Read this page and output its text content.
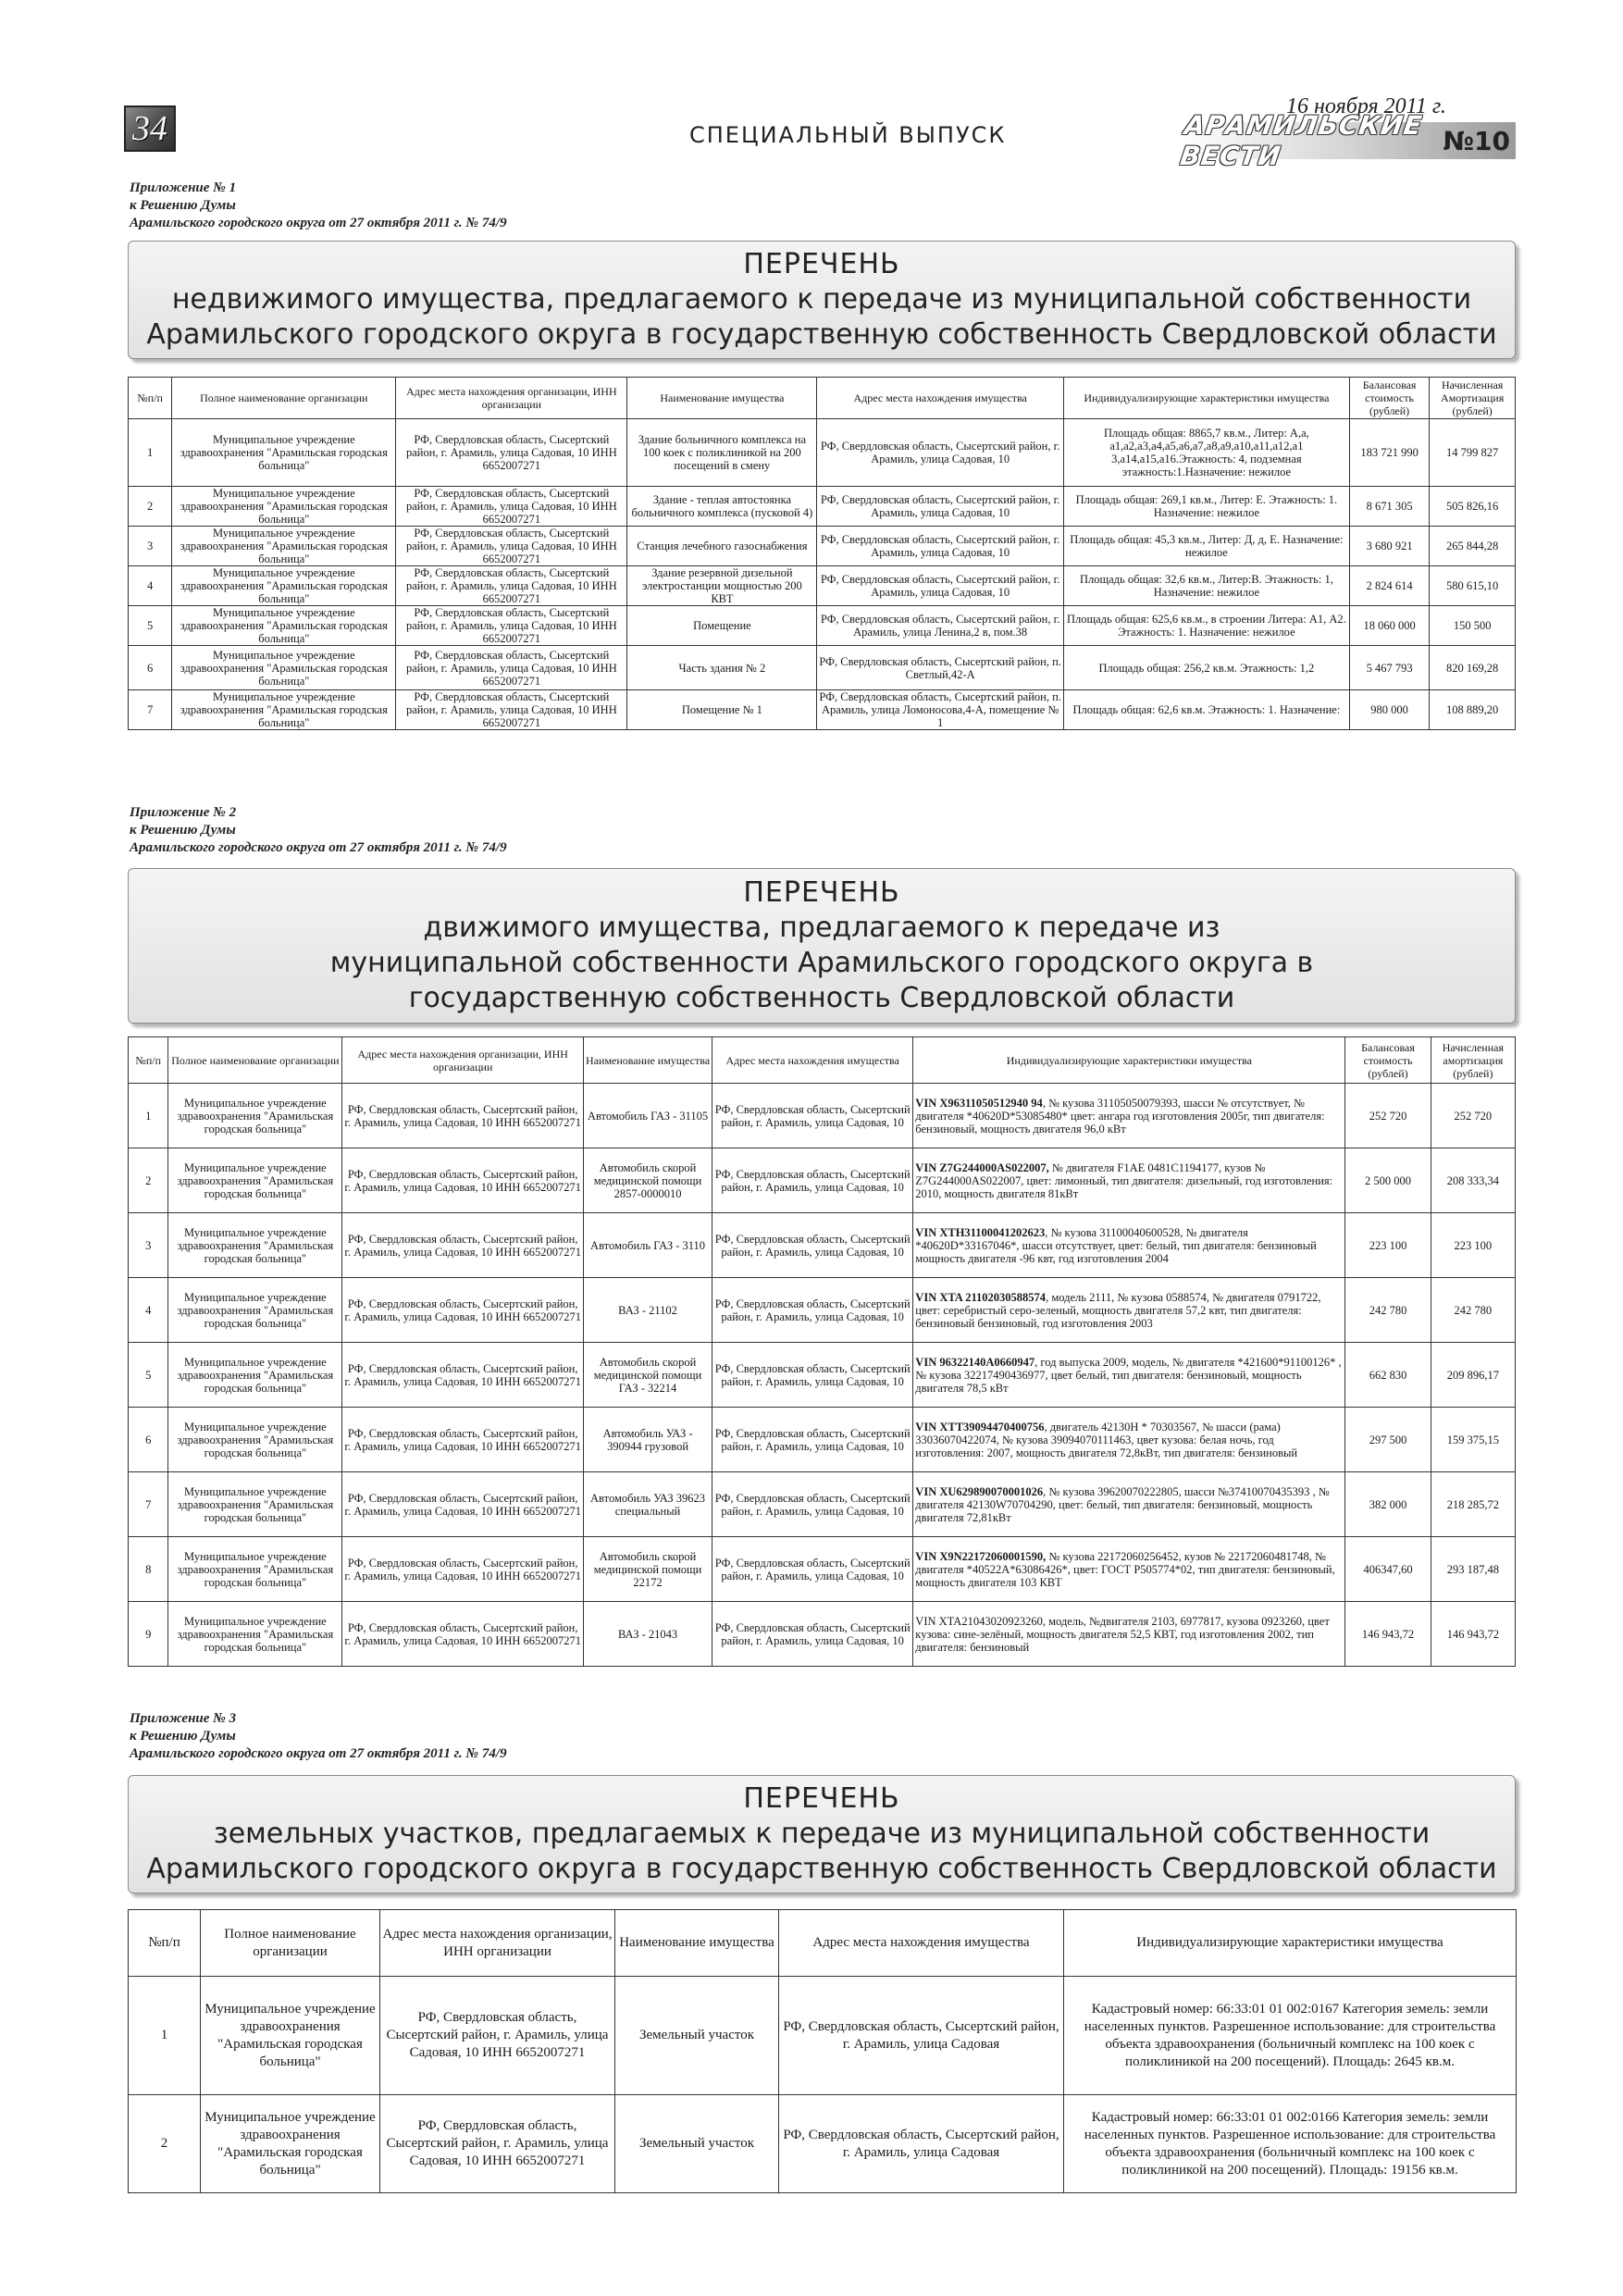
34	СПЕЦИАЛЬНЫЙ ВЫПУСК
16 ноября 2011 г.
АРАМИЛЬСКИЕ ВЕСТИ	№10
Приложение № 1
к Решению Думы
Арамильского городского округа от 27 октября 2011 г. № 74/9
ПЕРЕЧЕНЬ
недвижимого имущества, предлагаемого к передаче из муниципальной собственности
Арамильского городского округа в государственную собственность Свердловской области
№п/п	Полное наименование организации	Адрес места нахождения организации, ИНН организации	Наименование имущества	Адрес места нахождения имущества	Индивидуализирующие характеристики имущества	Балансовая стоимость (рублей)	Начисленная Амортизация (рублей)
1	Муниципальное учреждение здравоохранения "Арамильская городская больница"	РФ, Свердловская область, Сысертский район, г. Арамиль, улица Садовая, 10 ИНН 6652007271	Здание больничного комплекса на 100 коек с поликлиникой на 200 посещений в смену	РФ, Свердловская область, Сысертский район, г. Арамиль, улица Садовая, 10	Площадь общая: 8865,7 кв.м., Литер: А,а, а1,а2,а3,а4,а5,а6,а7,а8,а9,а10,а11,а12,а1 3,а14,а15,а16.Этажность: 4, подземная этажность:1.Назначение: нежилое	183 721 990	14 799 827
2	Муниципальное учреждение здравоохранения "Арамильская городская больница"	РФ, Свердловская область, Сысертский район, г. Арамиль, улица Садовая, 10 ИНН 6652007271	Здание - теплая автостоянка больничного комплекса (пусковой 4)	РФ, Свердловская область, Сысертский район, г. Арамиль, улица Садовая, 10	Площадь общая: 269,1 кв.м., Литер: Е. Этажность: 1. Назначение: нежилое	8 671 305	505 826,16
3	Муниципальное учреждение здравоохранения "Арамильская городская больница"	РФ, Свердловская область, Сысертский район, г. Арамиль, улица Садовая, 10 ИНН 6652007271	Станция лечебного газоснабжения	РФ, Свердловская область, Сысертский район, г. Арамиль, улица Садовая, 10	Площадь общая: 45,3 кв.м., Литер: Д, д, Е. Назначение: нежилое	3 680 921	265 844,28
4	Муниципальное учреждение здравоохранения "Арамильская городская больница"	РФ, Свердловская область, Сысертский район, г. Арамиль, улица Садовая, 10 ИНН 6652007271	Здание резервной дизельной электростанции мощностью 200 КВТ	РФ, Свердловская область, Сысертский район, г. Арамиль, улица Садовая, 10	Площадь общая: 32,6 кв.м., Литер:В. Этажность: 1, Назначение: нежилое	2 824 614	580 615,10
5	Муниципальное учреждение здравоохранения "Арамильская городская больница"	РФ, Свердловская область, Сысертский район, г. Арамиль, улица Садовая, 10 ИНН 6652007271	Помещение	РФ, Свердловская область, Сысертский район, г. Арамиль, улица Ленина,2 в, пом.38	Площадь общая: 625,6 кв.м., в строении Литера: А1, А2. Этажность: 1. Назначение: нежилое	18 060 000	150 500
6	Муниципальное учреждение здравоохранения "Арамильская городская больница"	РФ, Свердловская область, Сысертский район, г. Арамиль, улица Садовая, 10 ИНН 6652007271	Часть здания № 2	РФ, Свердловская область, Сысертский район, п. Светлый,42-А	Площадь общая: 256,2 кв.м. Этажность: 1,2	5 467 793	820 169,28
7	Муниципальное учреждение здравоохранения "Арамильская городская больница"	РФ, Свердловская область, Сысертский район, г. Арамиль, улица Садовая, 10 ИНН 6652007271	Помещение № 1	РФ, Свердловская область, Сысертский район, п. Арамиль, улица Ломоносова,4-А, помещение № 1	Площадь общая: 62,6 кв.м. Этажность: 1. Назначение:	980 000	108 889,20
Приложение № 2
к Решению Думы
Арамильского городского округа от 27 октября 2011 г. № 74/9
ПЕРЕЧЕНЬ
движимого имущества, предлагаемого к передаче из
муниципальной собственности Арамильского городского округа в
государственную собственность Свердловской области
№п/п	Полное наименование организации	Адрес места нахождения организации, ИНН организации	Наименование имущества	Адрес места нахождения имущества	Индивидуализирующие характеристики имущества	Балансовая стоимость (рублей)	Начисленная амортизация (рублей)
1	Муниципальное учреждение здравоохранения "Арамильская городская больница"	РФ, Свердловская область, Сысертский район, г. Арамиль, улица Садовая, 10 ИНН 6652007271	Автомобиль ГАЗ - 31105	РФ, Свердловская область, Сысертский район, г. Арамиль, улица Садовая, 10	VIN X96311050512940 94, № кузова 31105050079393, шасси № отсутствует, № двигателя *40620D*53085480* цвет: ангара год изготовления 2005г, тип двигателя: бензиновый, мощность двигателя 96,0 кВт	252 720	252 720
2	Муниципальное учреждение здравоохранения "Арамильская городская больница"	РФ, Свердловская область, Сысертский район, г. Арамиль, улица Садовая, 10 ИНН 6652007271	Автомобиль скорой медицинской помощи 2857-0000010	РФ, Свердловская область, Сысертский район, г. Арамиль, улица Садовая, 10	VIN Z7G244000AS022007, № двигателя F1AE 0481C1194177, кузов № Z7G244000AS022007, цвет: лимонный, тип двигателя: дизельный, год изготовления: 2010, мощность двигателя 81кВт	2 500 000	208 333,34
3	Муниципальное учреждение здравоохранения "Арамильская городская больница"	РФ, Свердловская область, Сысертский район, г. Арамиль, улица Садовая, 10 ИНН 6652007271	Автомобиль ГАЗ - 3110	РФ, Свердловская область, Сысертский район, г. Арамиль, улица Садовая, 10	VIN XTH31100041202623, № кузова 31100040600528, № двигателя *40620D*33167046*, шасси отсутствует, цвет: белый, тип двигателя: бензиновый мощность двигателя -96 квт, год изготовления 2004	223 100	223 100
4	Муниципальное учреждение здравоохранения "Арамильская городская больница"	РФ, Свердловская область, Сысертский район, г. Арамиль, улица Садовая, 10 ИНН 6652007271	ВАЗ - 21102	РФ, Свердловская область, Сысертский район, г. Арамиль, улица Садовая, 10	VIN XTA 21102030588574, модель 2111, № кузова 0588574, № двигателя 0791722, цвет: серебристый серо-зеленый, мощность двигателя 57,2 квт, тип двигателя: бензиновый бензиновый, год изготовления 2003	242 780	242 780
5	Муниципальное учреждение здравоохранения "Арамильская городская больница"	РФ, Свердловская область, Сысертский район, г. Арамиль, улица Садовая, 10 ИНН 6652007271	Автомобиль скорой медицинской помощи ГАЗ - 32214	РФ, Свердловская область, Сысертский район, г. Арамиль, улица Садовая, 10	VIN 96322140A0660947, год выпуска 2009, модель, № двигателя *421600*91100126* , № кузова 32217490436977, цвет белый, тип двигателя: бензиновый, мощность двигателя 78,5 кВт	662 830	209 896,17
6	Муниципальное учреждение здравоохранения "Арамильская городская больница"	РФ, Свердловская область, Сысертский район, г. Арамиль, улица Садовая, 10 ИНН 6652007271	Автомобиль УАЗ - 390944 грузовой	РФ, Свердловская область, Сысертский район, г. Арамиль, улица Садовая, 10	VIN XTT39094470400756, двигатель 42130Н * 70303567, № шасси (рама) 33036070422074, № кузова 39094070111463, цвет кузова: белая ночь, год изготовления: 2007, мощность двигателя 72,8кВт, тип двигателя: бензиновый	297 500	159 375,15
7	Муниципальное учреждение здравоохранения "Арамильская городская больница"	РФ, Свердловская область, Сысертский район, г. Арамиль, улица Садовая, 10 ИНН 6652007271	Автомобиль УАЗ 39623 специальный	РФ, Свердловская область, Сысертский район, г. Арамиль, улица Садовая, 10	VIN XU629890070001026, № кузова 39620070222805, шасси №37410070435393 , № двигателя 42130W70704290, цвет: белый, тип двигателя: бензиновый, мощность двигателя 72,81кВт	382 000	218 285,72
8	Муниципальное учреждение здравоохранения "Арамильская городская больница"	РФ, Свердловская область, Сысертский район, г. Арамиль, улица Садовая, 10 ИНН 6652007271	Автомобиль скорой медицинской помощи 22172	РФ, Свердловская область, Сысертский район, г. Арамиль, улица Садовая, 10	VIN X9N22172060001590, № кузова 22172060256452, кузов № 22172060481748, № двигателя *40522A*63086426*, цвет: ГОСТ Р505774*02, тип двигателя: бензиновый, мощность двигателя 103 КВТ	406347,60	293 187,48
9	Муниципальное учреждение здравоохранения "Арамильская городская больница"	РФ, Свердловская область, Сысертский район, г. Арамиль, улица Садовая, 10 ИНН 6652007271	ВАЗ - 21043	РФ, Свердловская область, Сысертский район, г. Арамиль, улица Садовая, 10	VIN XTA21043020923260, модель, №двигателя 2103, 6977817, кузова 0923260, цвет кузова: сине-зелёный, мощность двигателя 52,5 КВТ, год изготовления 2002, тип двигателя: бензиновый	146 943,72	146 943,72
Приложение № 3
к Решению Думы
Арамильского городского округа от 27 октября 2011 г. № 74/9
ПЕРЕЧЕНЬ
земельных участков, предлагаемых к передаче из муниципальной собственности
Арамильского городского округа в государственную собственность Свердловской области
№п/п	Полное наименование организации	Адрес места нахождения организации, ИНН организации	Наименование имущества	Адрес места нахождения имущества	Индивидуализирующие характеристики имущества
1	Муниципальное учреждение здравоохранения "Арамильская городская больница"	РФ, Свердловская область, Сысертский район, г. Арамиль, улица Садовая, 10 ИНН 6652007271	Земельный участок	РФ, Свердловская область, Сысертский район, г. Арамиль, улица Садовая	Кадастровый номер: 66:33:01 01 002:0167 Категория земель: земли населенных пунктов. Разрешенное использование: для строительства объекта здравоохранения (больничный комплекс на 100 коек с поликлиникой на 200 посещений). Площадь: 2645 кв.м.
2	Муниципальное учреждение здравоохранения "Арамильская городская больница"	РФ, Свердловская область, Сысертский район, г. Арамиль, улица Садовая, 10 ИНН 6652007271	Земельный участок	РФ, Свердловская область, Сысертский район, г. Арамиль, улица Садовая	Кадастровый номер: 66:33:01 01 002:0166 Категория земель: земли населенных пунктов. Разрешенное использование: для строительства объекта здравоохранения (больничный комплекс на 100 коек с поликлиникой на 200 посещений). Площадь: 19156 кв.м.
